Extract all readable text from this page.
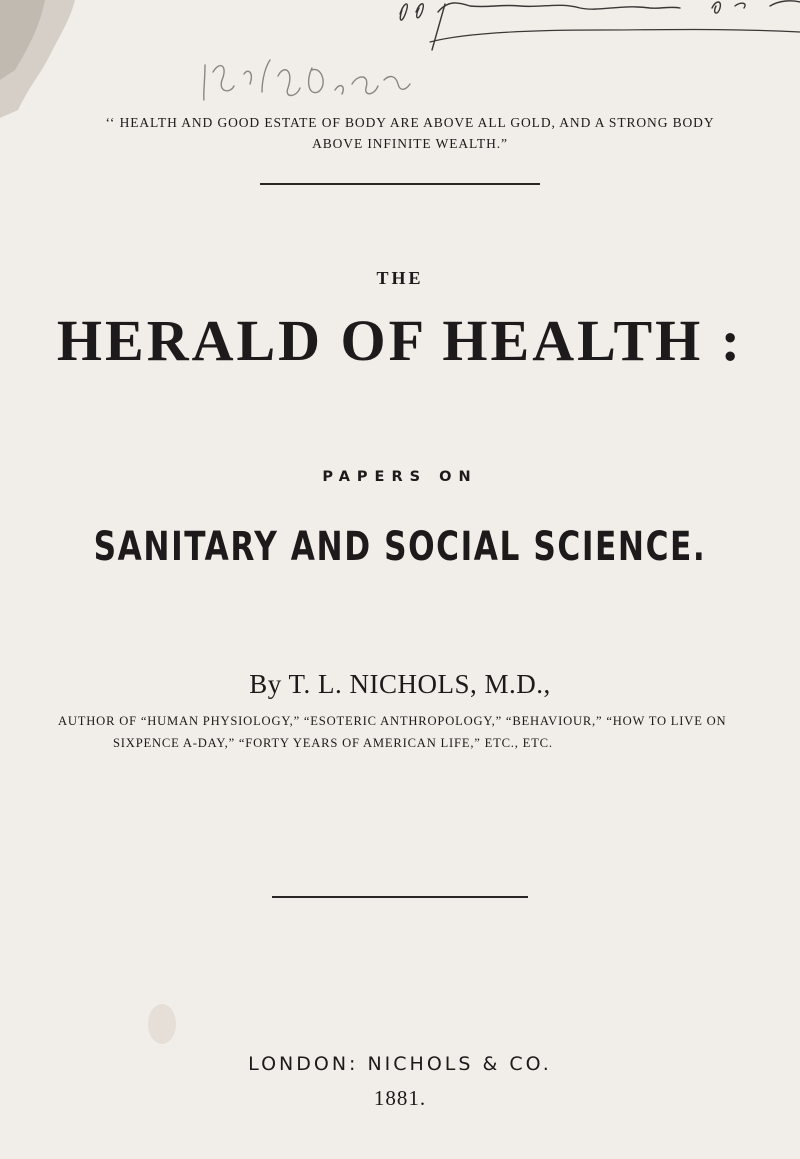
‘‘ HEALTH AND GOOD ESTATE OF BODY ARE ABOVE ALL GOLD, AND A STRONG BODY ABOVE INFINITE WEALTH.”
THE
HERALD OF HEALTH :
PAPERS ON
SANITARY AND SOCIAL SCIENCE.
By T. L. NICHOLS, M.D.,
AUTHOR OF “HUMAN PHYSIOLOGY,” “ESOTERIC ANTHROPOLOGY,” “BEHAVIOUR,” “HOW TO LIVE ON
SIXPENCE A-DAY,” “FORTY YEARS OF AMERICAN LIFE,” ETC., ETC.
LONDON: NICHOLS & CO.
1881.
